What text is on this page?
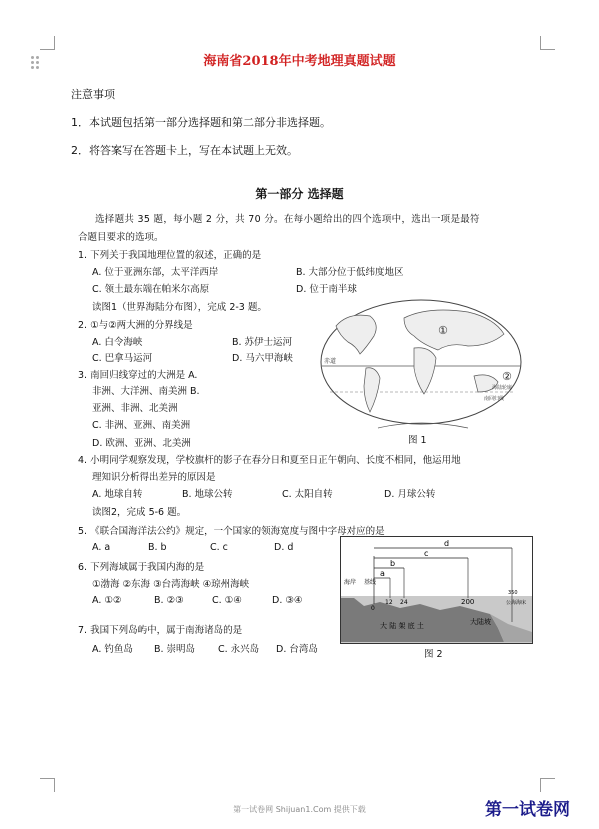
海南省2018年中考地理真题试题
注意事项
1．本试题包括第一部分选择题和第二部分非选择题。
2．将答案写在答题卡上，写在本试题上无效。
第一部分 选择题
选择题共 35 题，每小题 2 分，共 70 分。在每小题给出的四个选项中，选出一项是最符
合题目要求的选项。
1. 下列关于我国地理位置的叙述，正确的是
A. 位于亚洲东部，太平洋西岸	B. 大部分位于低纬度地区
C. 领土最东端在帕米尔高原	D. 位于南半球
读图1（世界海陆分布图），完成 2-3 题。
2. ①与②两大洲的分界线是
A. 白令海峡	B. 苏伊士运河
C. 巴拿马运河	D. 马六甲海峡
3. 南回归线穿过的大洲是 A.
非洲、大洋洲、南美洲 B.
亚洲、非洲、北美洲
C. 非洲、亚洲、南美洲
D. 欧洲、亚洲、北美洲
①
②
赤道
海陆轮廓
南回归线
图 1
4. 小明同学观察发现，学校旗杆的影子在春分日和夏至日正午朝向、长度不相同，他运用地
理知识分析得出差异的原因是
A. 地球自转	B. 地球公转	C. 太阳自转	D. 月球公转
读图2，完成 5-6 题。
5. 《联合国海洋法公约》规定，一个国家的领海宽度与图中字母对应的是
A. a	B. b	C. c	D. d
6. 下列海域属于我国内海的是
①渤海 ②东海 ③台湾海峡 ④琼州海峡
A. ①②	B. ②③	C. ①④	D. ③④
7. 我国下列岛屿中，属于南海诸岛的是
A. 钓鱼岛 B. 崇明岛 C. 永兴岛 D. 台湾岛
d
c
b
a
海岸 基线
0
12 24	200
350
公海海床
大 陆 架 底 土	大陆坡
图 2
第一试卷网 Shijuan1.Com 提供下载	第一试卷网
